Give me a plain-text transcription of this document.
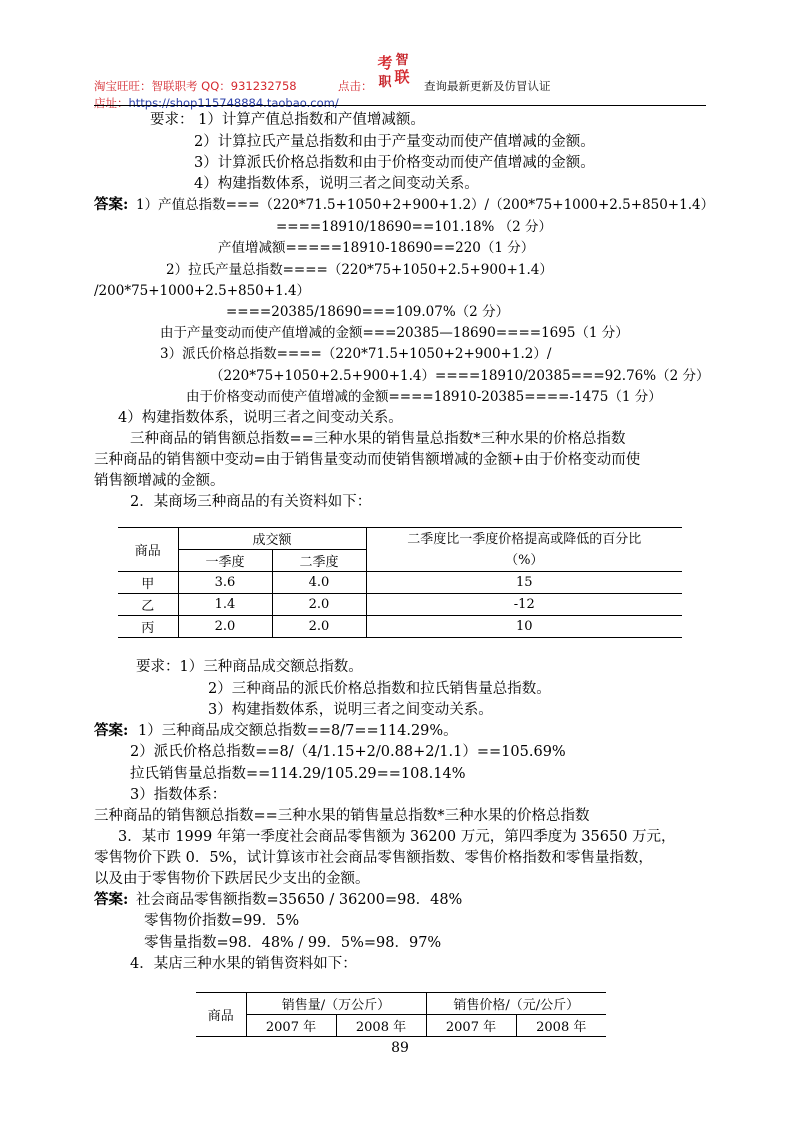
淘宝旺旺：智联职考 QQ：931232758
店址：https://shop115748884.taobao.com/
点击：
考 智
职 联 查询最新更新及仿冒认证
要求： 1）计算产值总指数和产值增减额。
2）计算拉氏产量总指数和由于产量变动而使产值增减的金额。
3）计算派氏价格总指数和由于价格变动而使产值增减的金额。
4）构建指数体系，说明三者之间变动关系。
答案: 1）产值总指数===（220*71.5+1050+2+900+1.2）/（200*75+1000+2.5+850+1.4）
====18910/18690==101.18% （2 分）
产值增减额=====18910-18690==220（1 分）
2）拉氏产量总指数====（220*75+1050+2.5+900+1.4）
/200*75+1000+2.5+850+1.4）
====20385/18690===109.07%（2 分）
由于产量变动而使产值增减的金额===20385—18690====1695（1 分）
3）派氏价格总指数====（220*71.5+1050+2+900+1.2）/
（220*75+1050+2.5+900+1.4）====18910/20385===92.76%（2 分）
由于价格变动而使产值增减的金额====18910-20385====-1475（1 分）
4）构建指数体系，说明三者之间变动关系。
三种商品的销售额总指数==三种水果的销售量总指数*三种水果的价格总指数
三种商品的销售额中变动=由于销售量变动而使销售额增减的金额+由于价格变动而使
销售额增减的金额。
2．某商场三种商品的有关资料如下：
商品	成交额		二季度比一季度价格提高或降低的百分比
（%）

	一季度	二季度	
甲	3.6	4.0	15
乙	1.4	2.0	-12
丙	2.0	2.0	10
要求：1）三种商品成交额总指数。
2）三种商品的派氏价格总指数和拉氏销售量总指数。
3）构建指数体系，说明三者之间变动关系。
答案: 1）三种商品成交额总指数==8/7==114.29%。
2）派氏价格总指数==8/（4/1.15+2/0.88+2/1.1）==105.69%
拉氏销售量总指数==114.29/105.29==108.14%
3）指数体系：
三种商品的销售额总指数==三种水果的销售量总指数*三种水果的价格总指数
3．某市 1999 年第一季度社会商品零售额为 36200 万元，第四季度为 35650 万元，
零售物价下跌 0．5%，试计算该市社会商品零售额指数、零售价格指数和零售量指数，
以及由于零售物价下跌居民少支出的金额。
答案: 社会商品零售额指数=35650 / 36200=98．48%
零售物价指数=99．5%
零售量指数=98．48% / 99．5%=98．97%
4．某店三种水果的销售资料如下：
商品	销售量/（万公斤）		销售价格/（元/公斤）	
	2007 年	2008 年	2007 年	2008 年
89
